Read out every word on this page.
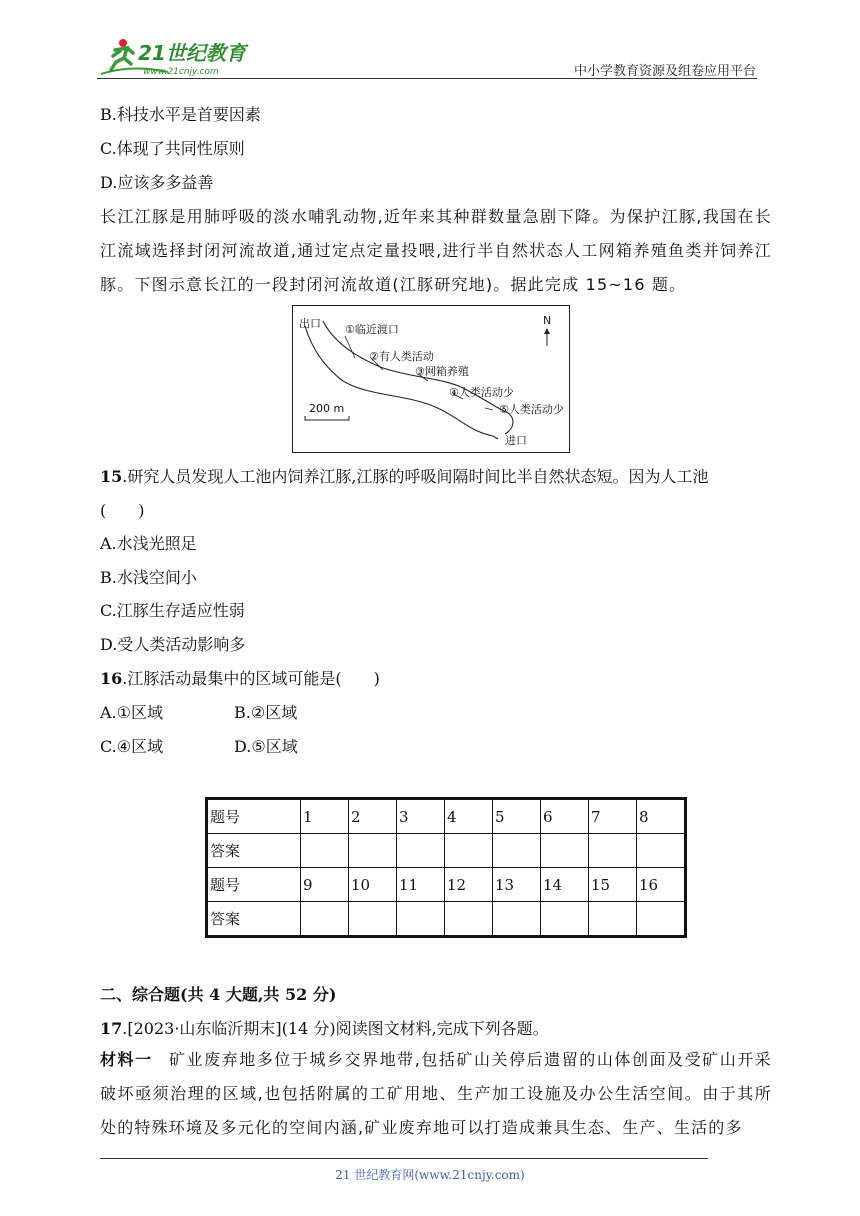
21世纪教育
www.21cnjy.com	中小学教育资源及组卷应用平台
B.科技水平是首要因素
C.体现了共同性原则
D.应该多多益善
长江江豚是用肺呼吸的淡水哺乳动物,近年来其种群数量急剧下降。为保护江豚,我国在长江流域选择封闭河流故道,通过定点定量投喂,进行半自然状态人工网箱养殖鱼类并饲养江豚。下图示意长江的一段封闭河流故道(江豚研究地)。据此完成 15~16 题。
出口 ①临近渡口
②有人类活动
③网箱养殖
④人类活动少
⑤人类活动少
进口
N
200 m
15.研究人员发现人工池内饲养江豚,江豚的呼吸间隔时间比半自然状态短。因为人工池
(　　)
A.水浅光照足
B.水浅空间小
C.江豚生存适应性弱
D.受人类活动影响多
16.江豚活动最集中的区域可能是(　　)
A.①区域	B.②区域
C.④区域	D.⑤区域
题号	1	2	3	4	5	6	7	8
答案								
题号	9	10	11	12	13	14	15	16
答案								
二、综合题(共 4 大题,共 52 分)
17.[2023·山东临沂期末](14 分)阅读图文材料,完成下列各题。
材料一 矿业废弃地多位于城乡交界地带,包括矿山关停后遗留的山体创面及受矿山开采破坏亟须治理的区域,也包括附属的工矿用地、生产加工设施及办公生活空间。由于其所处的特殊环境及多元化的空间内涵,矿业废弃地可以打造成兼具生态、生产、生活的多
21 世纪教育网(www.21cnjy.com)
